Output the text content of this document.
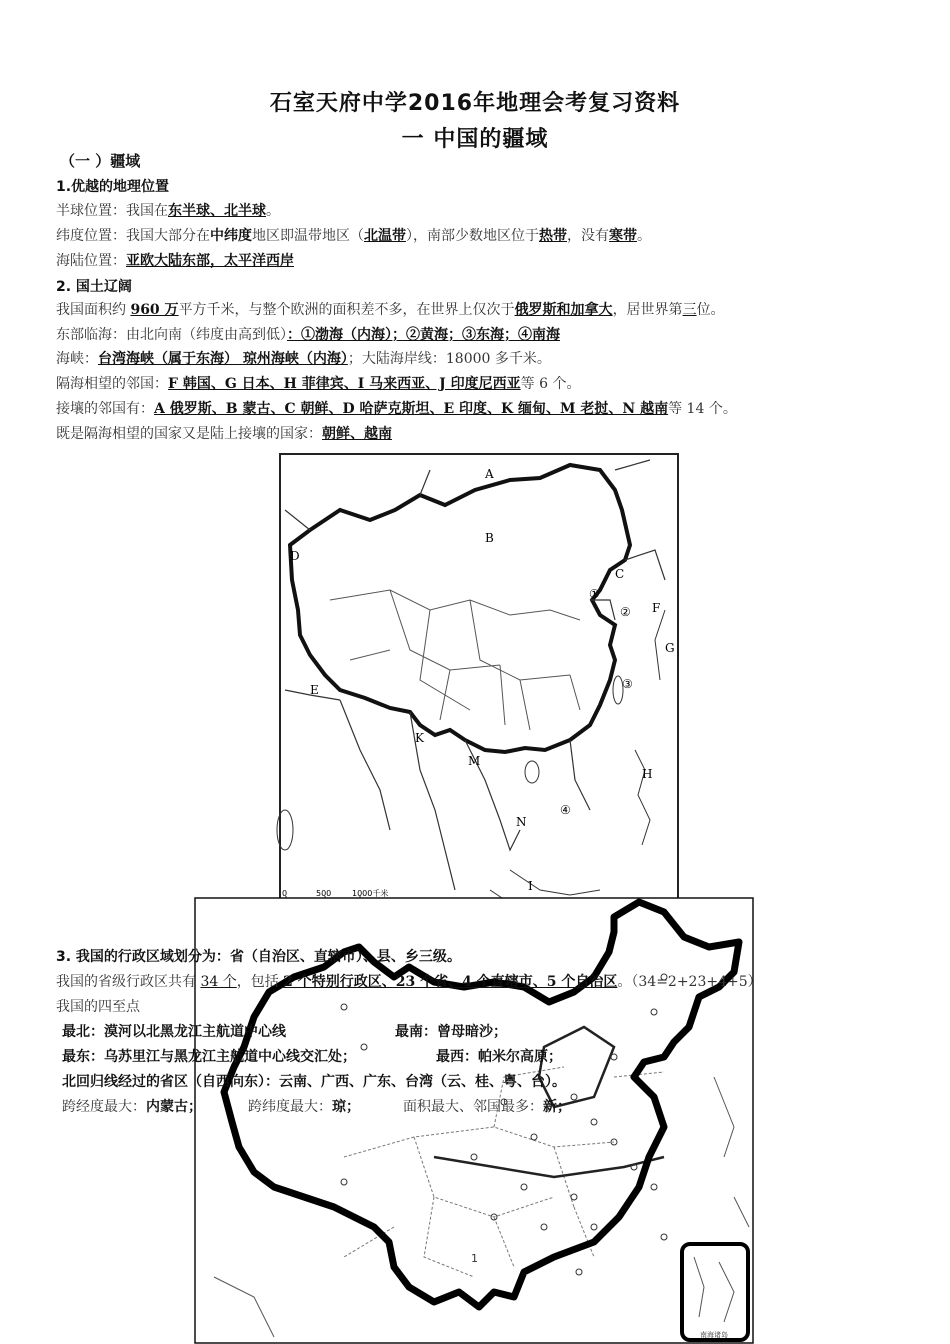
石室天府中学2016年地理会考复习资料
一 中国的疆域
（一 ）疆域
1.优越的地理位置
半球位置：我国在东半球、北半球。
纬度位置：我国大部分在中纬度地区即温带地区（北温带），南部少数地区位于热带，没有寒带。
海陆位置：亚欧大陆东部，太平洋西岸
2. 国土辽阔
我国面积约 960 万平方千米，与整个欧洲的面积差不多，在世界上仅次于俄罗斯和加拿大，居世界第三位。
东部临海：由北向南（纬度由高到低）：①渤海（内海）；②黄海；③东海；④南海
海峡：台湾海峡（属于东海） 琼州海峡（内海）；大陆海岸线：18000 多千米。
隔海相望的邻国：F 韩国、G 日本、H 菲律宾、I 马来西亚、J 印度尼西亚等 6 个。
接壤的邻国有：A 俄罗斯、B 蒙古、C 朝鲜、D 哈萨克斯坦、E 印度、K 缅甸、M 老挝、N 越南等 14 个。
既是隔海相望的国家又是陆上接壤的国家：朝鲜、越南
A
B
C
D
E
F
G
H
I
K
M
N
①
②
③
④
0	500	1000千米
南海诸岛
1
3. 我国的行政区域划分为：省（自治区、直辖市）、县、乡三级。
我国的省级行政区共有 34 个，包括 2 个特别行政区、23 个省、4 个直辖市、5 个自治区。（34=2+23+4+5）
我国的四至点
最北：漠河以北黑龙江主航道中心线	最南：曾母暗沙；
最东：乌苏里江与黑龙江主航道中心线交汇处；	最西：帕米尔高原；
北回归线经过的省区（自西向东）：云南、广西、广东、台湾（云、桂、粤、台）。
跨经度最大：内蒙古；	跨纬度最大：琼；	面积最大、邻国最多：新；
